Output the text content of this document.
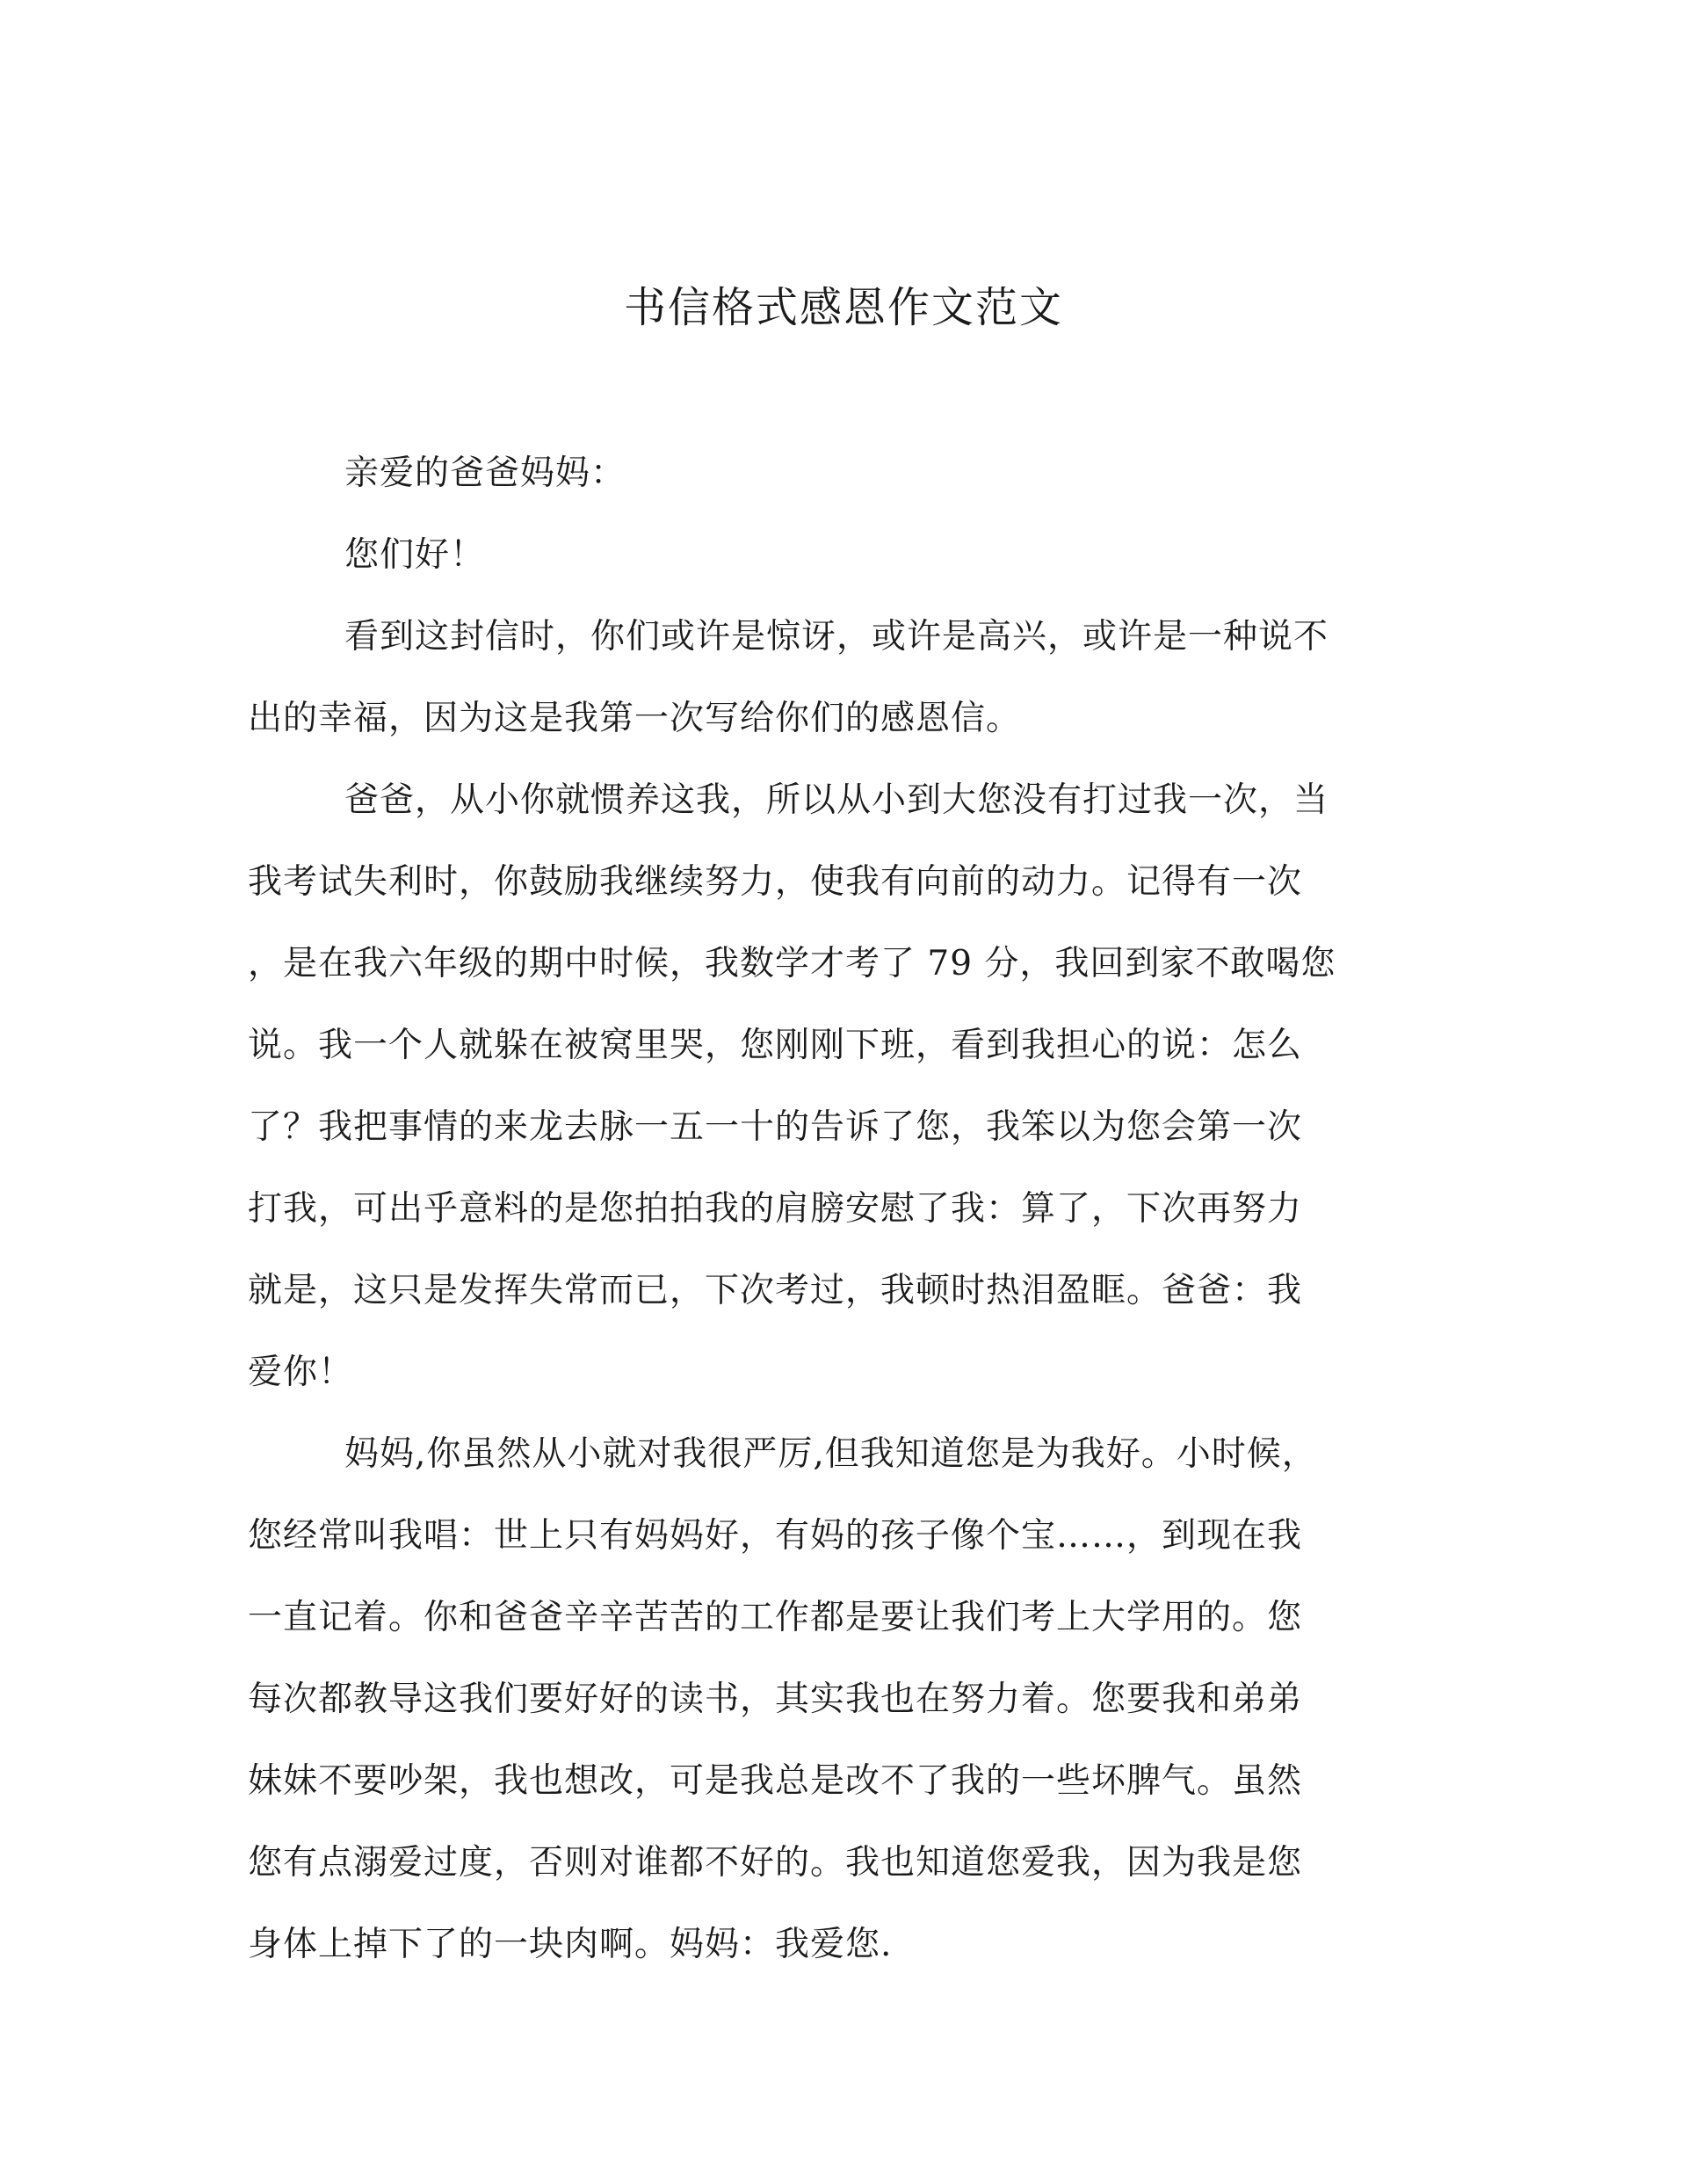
书信格式感恩作文范文
亲爱的爸爸妈妈：
您们好！
看到这封信时，你们或许是惊讶，或许是高兴，或许是一种说不
出的幸福，因为这是我第一次写给你们的感恩信。
爸爸，从小你就惯养这我，所以从小到大您没有打过我一次，当
我考试失利时，你鼓励我继续努力，使我有向前的动力。记得有一次
，是在我六年级的期中时候，我数学才考了 79 分，我回到家不敢喝您
说。我一个人就躲在被窝里哭，您刚刚下班，看到我担心的说：怎么
了？我把事情的来龙去脉一五一十的告诉了您，我笨以为您会第一次
打我，可出乎意料的是您拍拍我的肩膀安慰了我：算了，下次再努力
就是，这只是发挥失常而已，下次考过，我顿时热泪盈眶。爸爸：我
爱你！
妈妈,你虽然从小就对我很严厉,但我知道您是为我好。小时候，
您经常叫我唱：世上只有妈妈好，有妈的孩子像个宝……，到现在我
一直记着。你和爸爸辛辛苦苦的工作都是要让我们考上大学用的。您
每次都教导这我们要好好的读书，其实我也在努力着。您要我和弟弟
妹妹不要吵架，我也想改，可是我总是改不了我的一些坏脾气。虽然
您有点溺爱过度，否则对谁都不好的。我也知道您爱我，因为我是您
身体上掉下了的一块肉啊。妈妈：我爱您.
